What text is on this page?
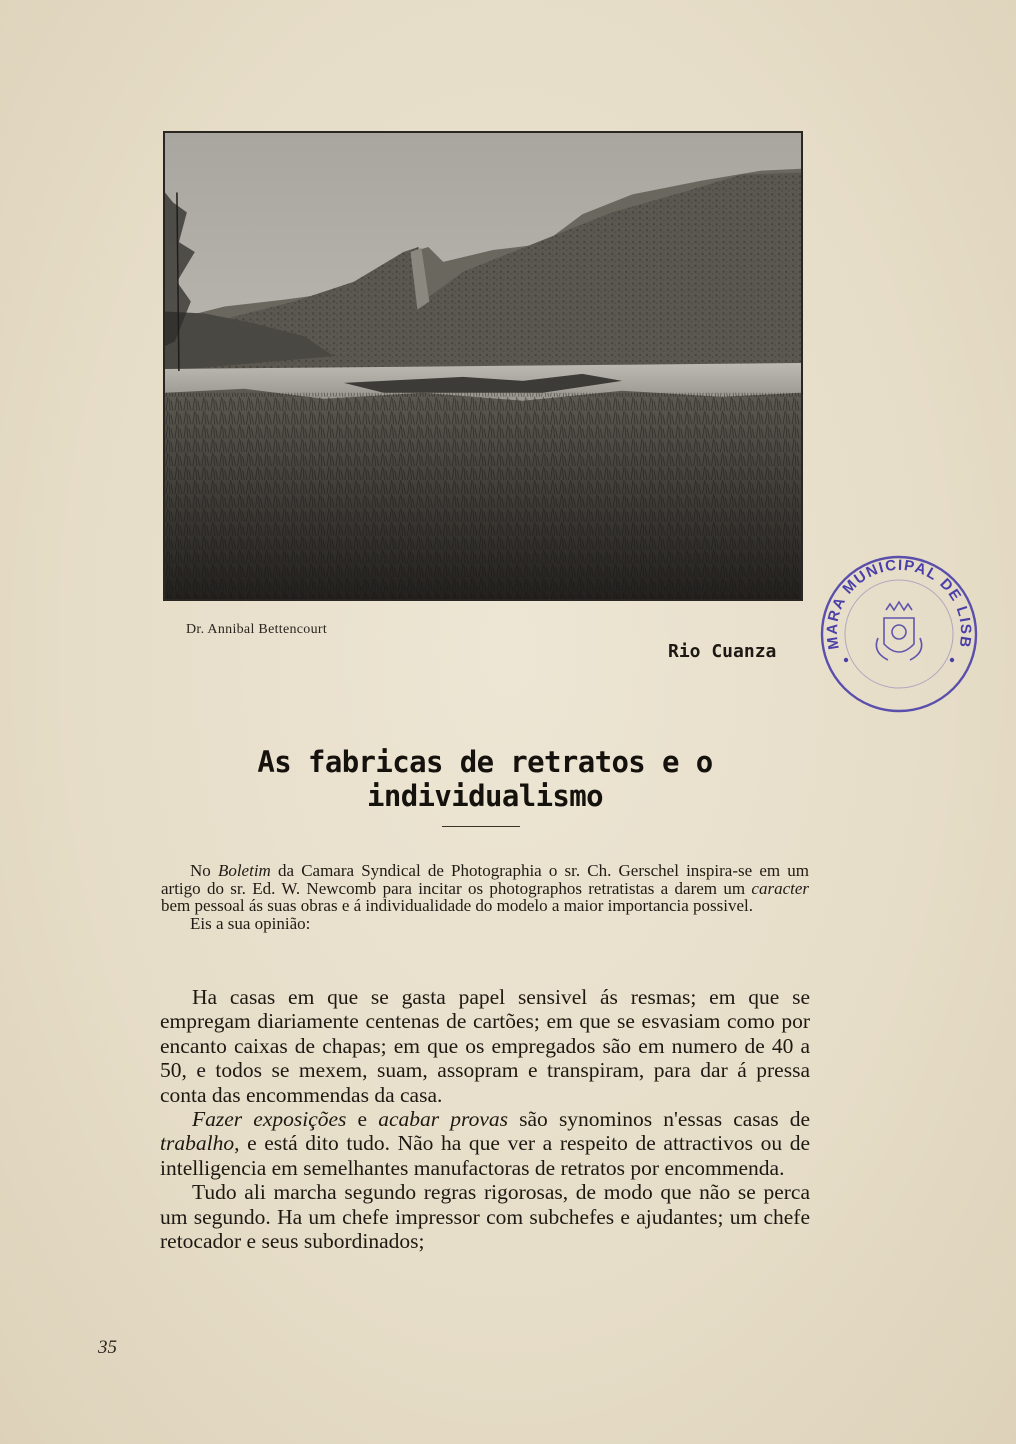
Dr. Annibal Bettencourt
Rio Cuanza	MARA MUNICIPAL DE LISB
As fabricas de retratos e o individualismo

No Boletim da Camara Syndical de Photographia o sr. Ch. Gerschel inspira-se em um artigo do sr. Ed. W. Newcomb para incitar os photographos retratistas a darem um caracter bem pessoal ás suas obras e á individualidade do modelo a maior importancia possivel.

Eis a sua opinião:

Ha casas em que se gasta papel sensivel ás resmas; em que se empregam diariamente centenas de cartões; em que se esvasiam como por encanto caixas de chapas; em que os empregados são em numero de 40 a 50, e todos se mexem, suam, assopram e transpiram, para dar á pressa conta das encommendas da casa.

Fazer exposições e acabar provas são synominos n'essas casas de trabalho, e está dito tudo. Não ha que ver a respeito de attractivos ou de intelligencia em semelhantes manufactoras de retratos por encommenda.

Tudo ali marcha segundo regras rigorosas, de modo que não se perca um segundo. Ha um chefe impressor com subchefes e ajudantes; um chefe retocador e seus subordinados;

35
